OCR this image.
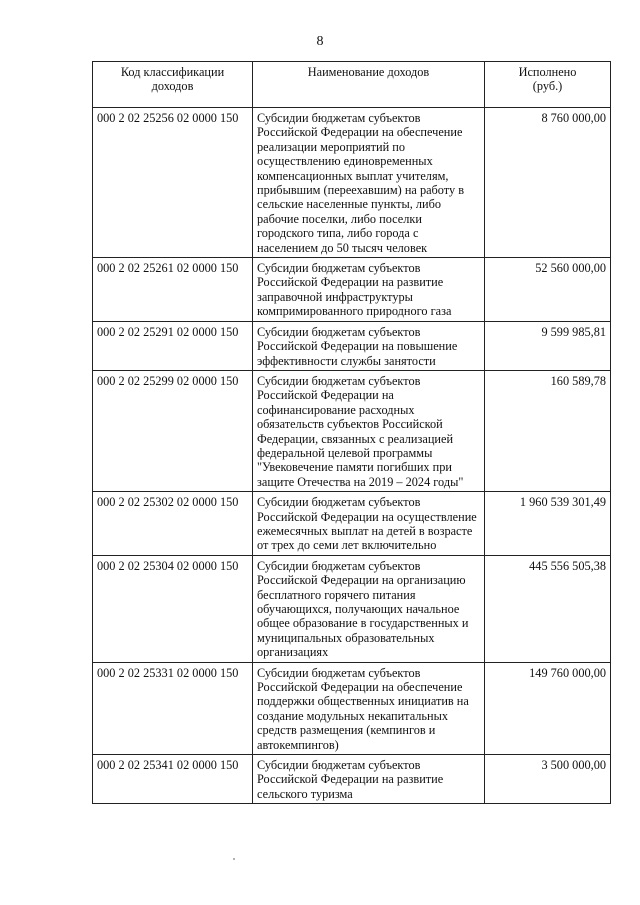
8
Код классификации доходов	Наименование доходов	Исполнено (руб.)
000 2 02 25256 02 0000 150	Субсидии бюджетам субъектов Российской Федерации на обеспечение реализации мероприятий по осуществлению единовременных компенсационных выплат учителям, прибывшим (переехавшим) на работу в сельские населенные пункты, либо рабочие поселки, либо поселки городского типа, либо города с населением до 50 тысяч человек	8 760 000,00
000 2 02 25261 02 0000 150	Субсидии бюджетам субъектов Российской Федерации на развитие заправочной инфраструктуры компримированного природного газа	52 560 000,00
000 2 02 25291 02 0000 150	Субсидии бюджетам субъектов Российской Федерации на повышение эффективности службы занятости	9 599 985,81
000 2 02 25299 02 0000 150	Субсидии бюджетам субъектов Российской Федерации на софинансирование расходных обязательств субъектов Российской Федерации, связанных с реализацией федеральной целевой программы "Увековечение памяти погибших при защите Отечества на 2019 – 2024 годы"	160 589,78
000 2 02 25302 02 0000 150	Субсидии бюджетам субъектов Российской Федерации на осуществление ежемесячных выплат на детей в возрасте от трех до семи лет включительно	1 960 539 301,49
000 2 02 25304 02 0000 150	Субсидии бюджетам субъектов Российской Федерации на организацию бесплатного горячего питания обучающихся, получающих начальное общее образование в государственных и муниципальных образовательных организациях	445 556 505,38
000 2 02 25331 02 0000 150	Субсидии бюджетам субъектов Российской Федерации на обеспечение поддержки общественных инициатив на создание модульных некапитальных средств размещения (кемпингов и автокемпингов)	149 760 000,00
000 2 02 25341 02 0000 150	Субсидии бюджетам субъектов Российской Федерации на развитие сельского туризма	3 500 000,00
